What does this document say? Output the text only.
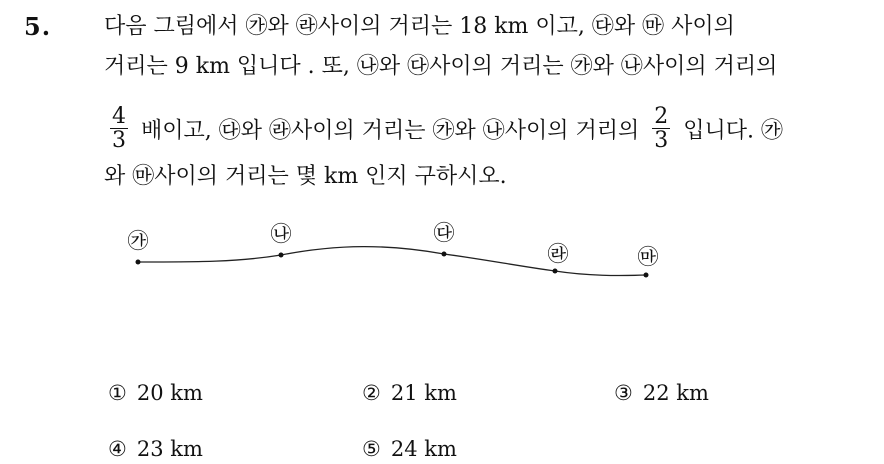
5. 다음 그림에서 ㉮와 ㉱사이의 거리는 18 km 이고, ㉰와 ㉲ 사이의
거리는 9 km 입니다 . 또, ㉯와 ㉰사이의 거리는 ㉮와 ㉯사이의 거리의
$\frac{4}{3}$ 배이고, ㉰와 ㉱사이의 거리는 ㉮와 ㉯사이의 거리의 $\frac{2}{3}$ 입니다. ㉮
와 ㉲사이의 거리는 몇 km 인지 구하시오.
㉮	㉯	㉰
㉱	㉲
① 20 km	② 21 km	③ 22 km
④ 23 km	⑤ 24 km
